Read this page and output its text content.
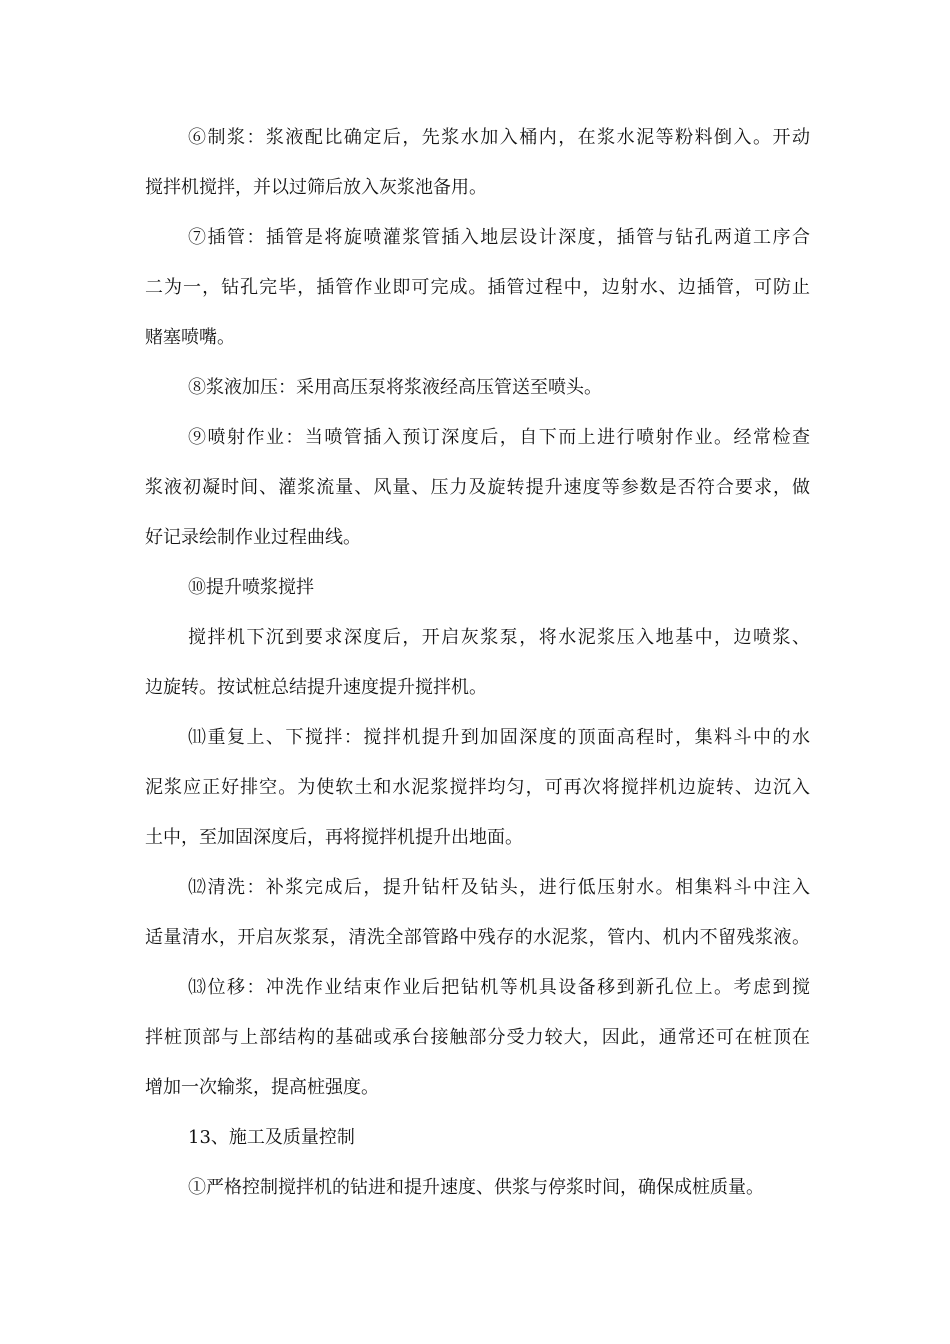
⑥制浆：浆液配比确定后，先浆水加入桶内，在浆水泥等粉料倒入。开动
搅拌机搅拌，并以过筛后放入灰浆池备用。
⑦插管：插管是将旋喷灌浆管插入地层设计深度，插管与钻孔两道工序合
二为一，钻孔完毕，插管作业即可完成。插管过程中，边射水、边插管，可防止
赌塞喷嘴。
⑧浆液加压：采用高压泵将浆液经高压管送至喷头。
⑨喷射作业：当喷管插入预订深度后，自下而上进行喷射作业。经常检查
浆液初凝时间、灌浆流量、风量、压力及旋转提升速度等参数是否符合要求，做
好记录绘制作业过程曲线。
⑩提升喷浆搅拌
搅拌机下沉到要求深度后，开启灰浆泵，将水泥浆压入地基中，边喷浆、
边旋转。按试桩总结提升速度提升搅拌机。
⑾重复上、下搅拌：搅拌机提升到加固深度的顶面高程时，集料斗中的水
泥浆应正好排空。为使软土和水泥浆搅拌均匀，可再次将搅拌机边旋转、边沉入
土中，至加固深度后，再将搅拌机提升出地面。
⑿清洗：补浆完成后，提升钻杆及钻头，进行低压射水。相集料斗中注入
适量清水，开启灰浆泵，清洗全部管路中残存的水泥浆，管内、机内不留残浆液。
⒀位移：冲洗作业结束作业后把钻机等机具设备移到新孔位上。考虑到搅
拌桩顶部与上部结构的基础或承台接触部分受力较大，因此，通常还可在桩顶在
增加一次输浆，提高桩强度。
13、施工及质量控制
①严格控制搅拌机的钻进和提升速度、供浆与停浆时间，确保成桩质量。
